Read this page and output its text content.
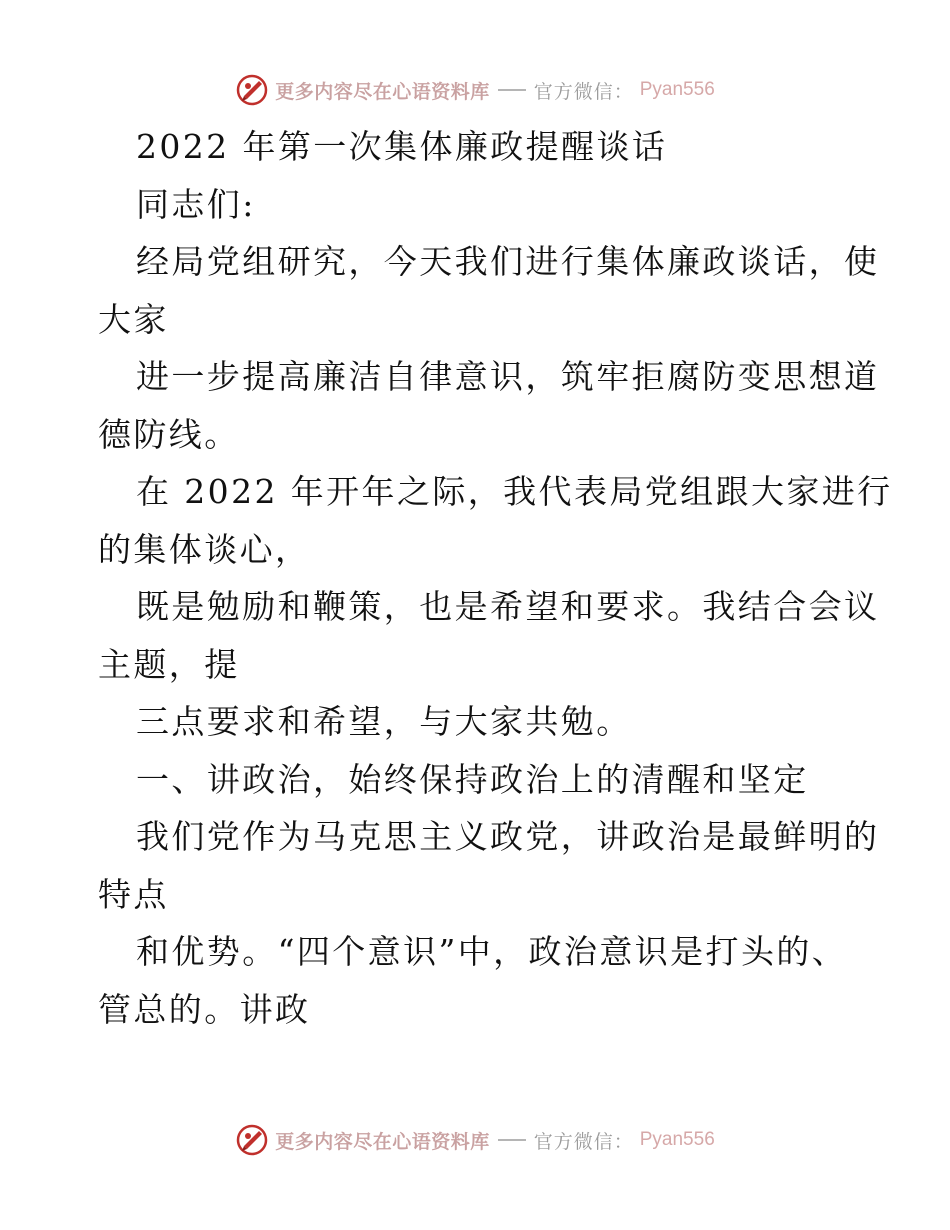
更多内容尽在心语资料库 官方微信： Pyan556
2022 年第一次集体廉政提醒谈话
同志们:
经局党组研究，今天我们进行集体廉政谈话，使
大家
进一步提高廉洁自律意识，筑牢拒腐防变思想道
德防线。
在 2022 年开年之际，我代表局党组跟大家进行
的集体谈心，
既是勉励和鞭策，也是希望和要求。我结合会议
主题，提
三点要求和希望，与大家共勉。
一、讲政治，始终保持政治上的清醒和坚定
我们党作为马克思主义政党，讲政治是最鲜明的
特点
和优势。“四个意识”中，政治意识是打头的、
管总的。讲政
更多内容尽在心语资料库 官方微信： Pyan556
